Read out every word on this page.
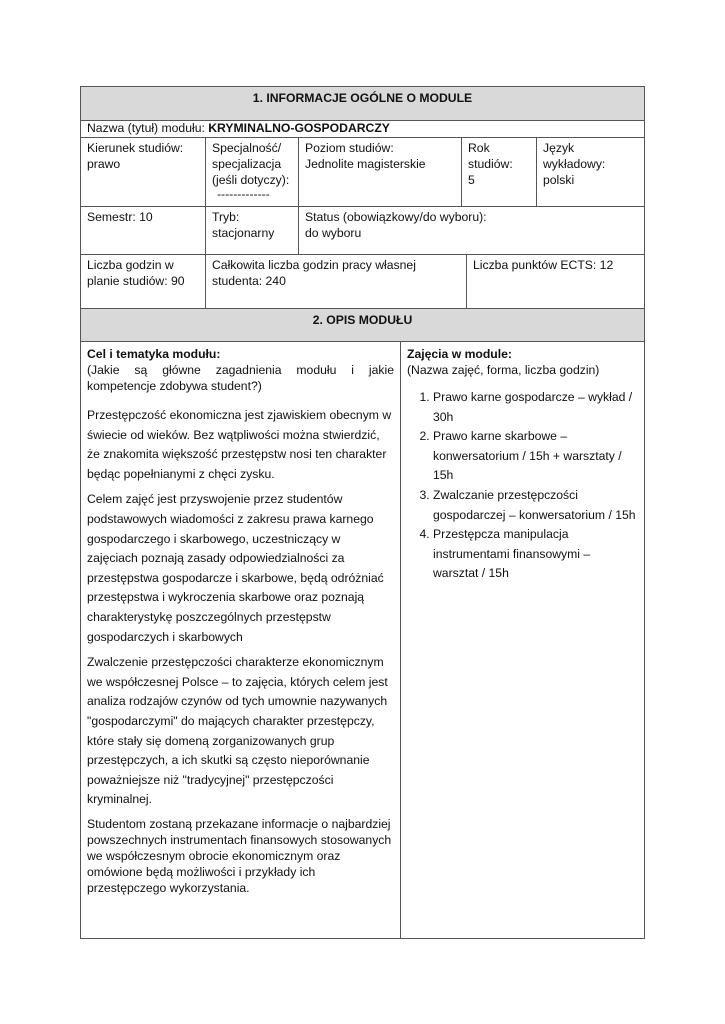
1. INFORMACJE OGÓLNE O MODULE
Nazwa (tytuł) modułu: KRYMINALNO-GOSPODARCZY
Kierunek studiów:
prawo
Specjalność/
specjalizacja
(jeśli dotyczy):
-------------
Poziom studiów:
Jednolite magisterskie
Rok
studiów:
5
Język wykładowy:
polski
Semestr: 10	Tryb:
stacjonarny
Status (obowiązkowy/do wyboru):
do wyboru
Liczba godzin w
planie studiów: 90
Całkowita liczba godzin pracy własnej
studenta: 240
Liczba punktów ECTS: 12
2. OPIS MODUŁU
Cel i tematyka modułu:
(Jakie są główne zagadnienia modułu i jakie kompetencje zdobywa student?)

Przestępczość ekonomiczna jest zjawiskiem obecnym w świecie od wieków. Bez wątpliwości można stwierdzić, że znakomita większość przestępstw nosi ten charakter będąc popełnianymi z chęci zysku.

Celem zajęć jest przyswojenie przez studentów podstawowych wiadomości z zakresu prawa karnego gospodarczego i skarbowego, uczestniczący w zajęciach poznają zasady odpowiedzialności za przestępstwa gospodarcze i skarbowe, będą odróżniać przestępstwa i wykroczenia skarbowe oraz poznają charakterystykę poszczególnych przestępstw gospodarczych i skarbowych

Zwalczenie przestępczości charakterze ekonomicznym we współczesnej Polsce – to zajęcia, których celem jest analiza rodzajów czynów od tych umownie nazywanych "gospodarczymi" do mających charakter przestępczy, które stały się domeną zorganizowanych grup przestępczych, a ich skutki są często nieporównanie poważniejsze niż "tradycyjnej" przestępczości kryminalnej.

Studentom zostaną przekazane informacje o najbardziej powszechnych instrumentach finansowych stosowanych we współczesnym obrocie ekonomicznym oraz omówione będą możliwości i przykłady ich przestępczego wykorzystania.

Zajęcia w module:
(Nazwa zajęć, forma, liczba godzin)
1. Prawo karne gospodarcze – wykład / 30h
2. Prawo karne skarbowe – konwersatorium / 15h + warsztaty / 15h
3. Zwalczanie przestępczości gospodarczej – konwersatorium / 15h
4. Przestępcza manipulacja instrumentami finansowymi – warsztat / 15h
